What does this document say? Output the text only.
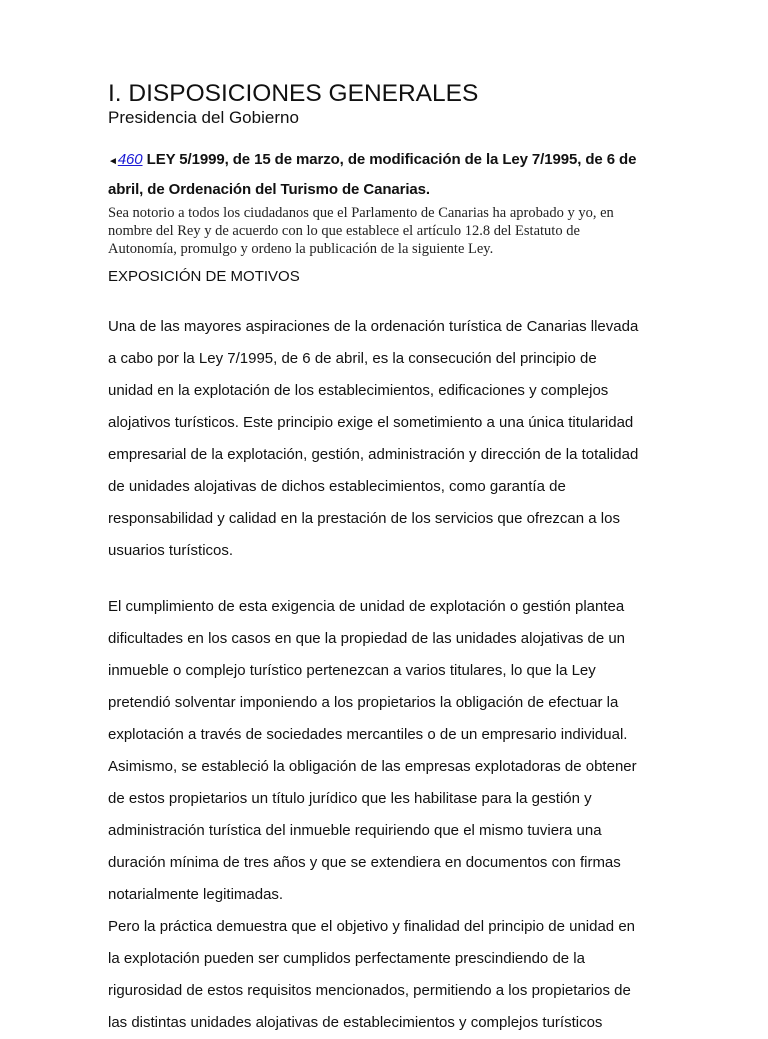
I. DISPOSICIONES GENERALES
Presidencia del Gobierno
◄460 LEY 5/1999, de 15 de marzo, de modificación de la Ley 7/1995, de 6 de
abril, de Ordenación del Turismo de Canarias.
Sea notorio a todos los ciudadanos que el Parlamento de Canarias ha aprobado y yo, en
nombre del Rey y de acuerdo con lo que establece el artículo 12.8 del Estatuto de
Autonomía, promulgo y ordeno la publicación de la siguiente Ley.
EXPOSICIÓN DE MOTIVOS
Una de las mayores aspiraciones de la ordenación turística de Canarias llevada
a cabo por la Ley 7/1995, de 6 de abril, es la consecución del principio de
unidad en la explotación de los establecimientos, edificaciones y complejos
alojativos turísticos. Este principio exige el sometimiento a una única titularidad
empresarial de la explotación, gestión, administración y dirección de la totalidad
de unidades alojativas de dichos establecimientos, como garantía de
responsabilidad y calidad en la prestación de los servicios que ofrezcan a los
usuarios turísticos.
El cumplimiento de esta exigencia de unidad de explotación o gestión plantea
dificultades en los casos en que la propiedad de las unidades alojativas de un
inmueble o complejo turístico pertenezcan a varios titulares, lo que la Ley
pretendió solventar imponiendo a los propietarios la obligación de efectuar la
explotación a través de sociedades mercantiles o de un empresario individual.
Asimismo, se estableció la obligación de las empresas explotadoras de obtener
de estos propietarios un título jurídico que les habilitase para la gestión y
administración turística del inmueble requiriendo que el mismo tuviera una
duración mínima de tres años y que se extendiera en documentos con firmas
notarialmente legitimadas.
Pero la práctica demuestra que el objetivo y finalidad del principio de unidad en
la explotación pueden ser cumplidos perfectamente prescindiendo de la
rigurosidad de estos requisitos mencionados, permitiendo a los propietarios de
las distintas unidades alojativas de establecimientos y complejos turísticos
